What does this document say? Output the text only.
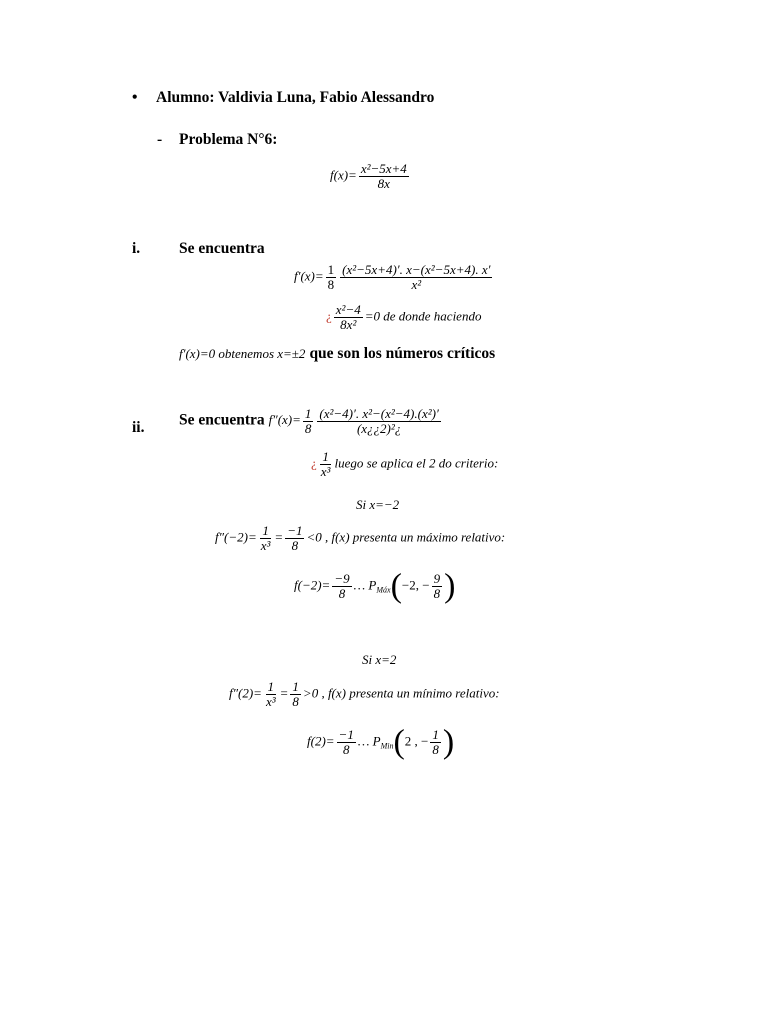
• Alumno: Valdivia Luna, Fabio Alessandro
- Problema N°6:
$f(x)= \frac{\text{x²−5x+4}}{8x}$
i.	Se encuentra
$f'(x)= \frac{1}{8} \frac{\text{(x²−5x+4)′. x−(x²−5x+4). x′}}{\text{x²}}$
¿ $\frac{\text{x²−4}}{\text{8x²}} =0$ de donde haciendo
f′(x)=0 obtenemos x=±2 que son los números críticos
ii. Se encuentra $f''(x)= \frac{1}{8} \frac{\text{(x²−4)′. x²−(x²−4).(x²)′}}{\text{(x¿¿2)²¿}}$
¿ $\frac{1}{\text{x³}}$ luego se aplica el 2 do criterio:
Si x=−2
$f''(-2)= \frac{1}{\text{x³}} = \frac{-1}{8} <0$ , f(x) presenta un máximo relativo:
$f(-2)= \frac{-9}{8}$ … $P_{Máx}(-2$, − $\frac{9}{8}$ )
Si x=2
$f''(2)= \frac{1}{\text{x³}} = \frac{1}{8} >0$ , f(x) presenta un mínimo relativo:
$f(2)= \frac{-1}{8}$ … $P_{Min}(2$ , − $\frac{1}{8}$ )
